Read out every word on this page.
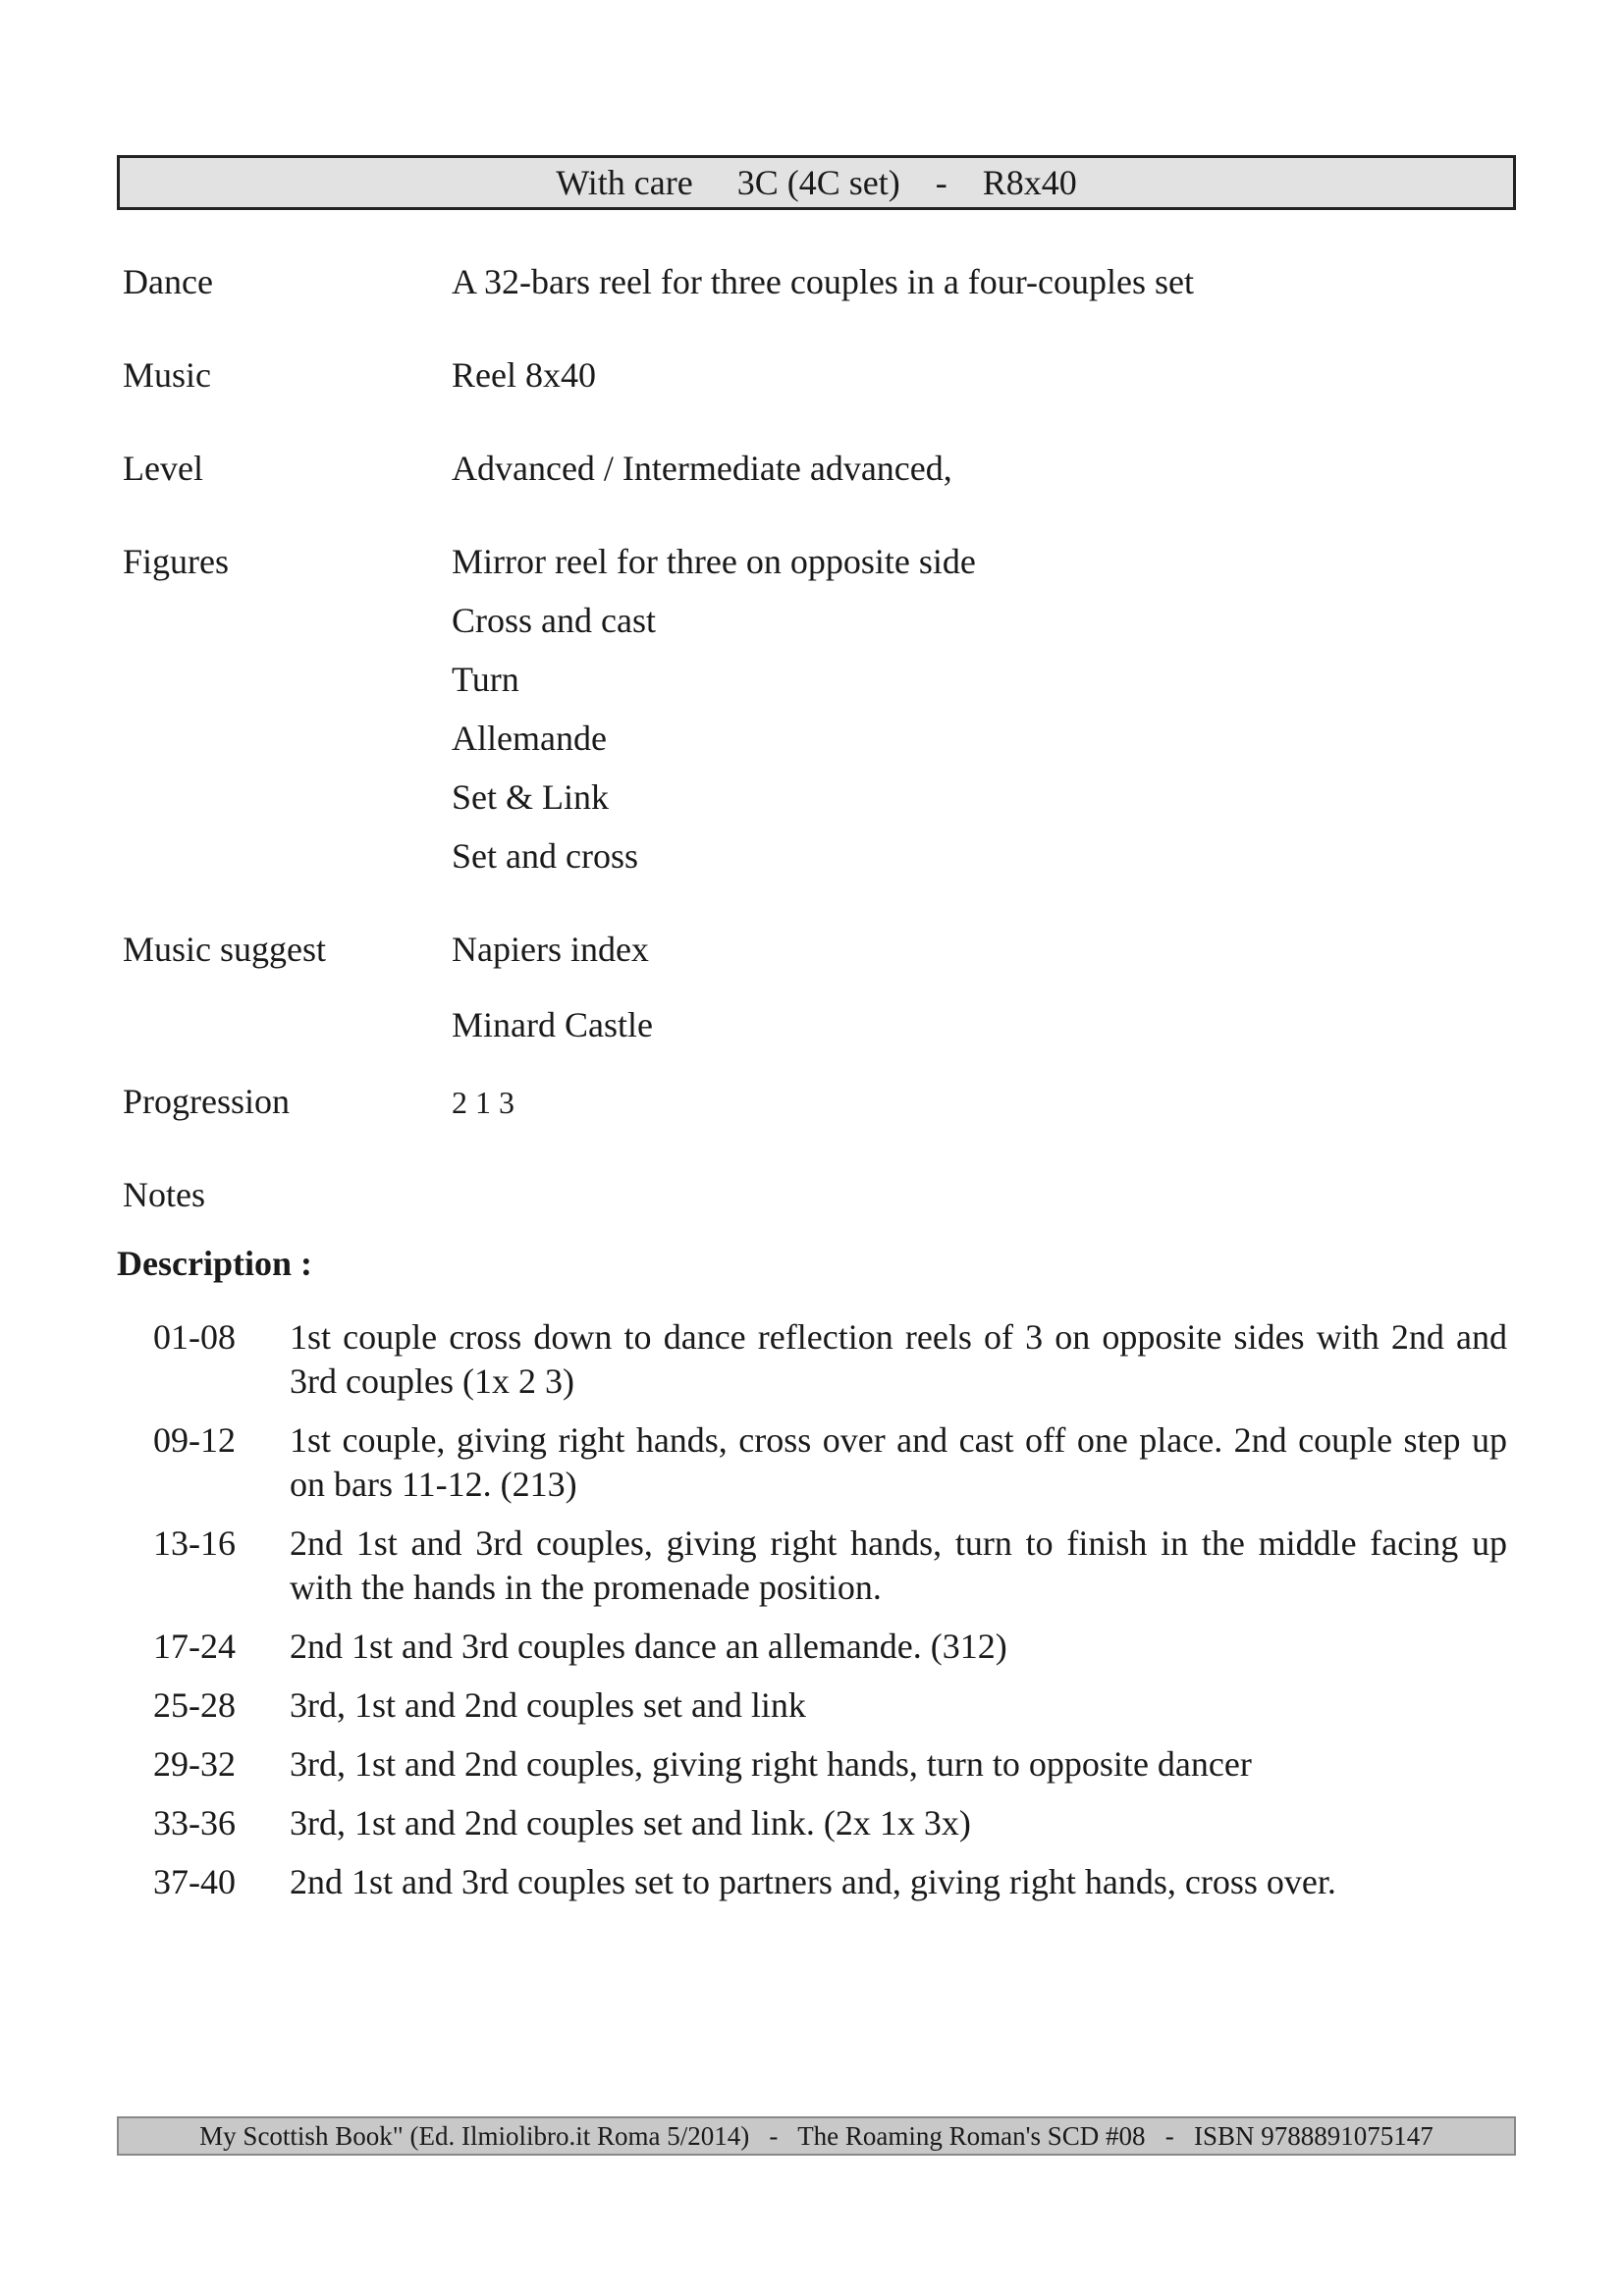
With care     3C (4C set)    -    R8x40
Dance	A 32-bars reel for three couples in a four-couples set
Music	Reel 8x40
Level	Advanced / Intermediate advanced,
Figures	Mirror reel for three on opposite side
Cross and cast
Turn
Allemande
Set & Link
Set and cross
Music suggest	Napiers index
Minard Castle
Progression	2 1 3
Notes
Description :
01-08 1st couple cross down to dance reflection reels of 3 on opposite sides with 2nd and 3rd couples (1x 2 3)
09-12 1st couple, giving right hands, cross over and cast off one place. 2nd couple step up on bars 11-12. (213)
13-16 2nd 1st and 3rd couples, giving right hands, turn to finish in the middle facing up with the hands in the promenade position.
17-24 2nd 1st and 3rd couples dance an allemande. (312)
25-28 3rd, 1st and 2nd couples set and link
29-32 3rd, 1st and 2nd couples, giving right hands, turn to opposite dancer
33-36 3rd, 1st and 2nd couples set and link. (2x 1x 3x)
37-40 2nd 1st and 3rd couples set to partners and, giving right hands, cross over.
My Scottish Book" (Ed. Ilmiolibro.it Roma 5/2014)   -   The Roaming Roman's SCD #08   -   ISBN 9788891075147
